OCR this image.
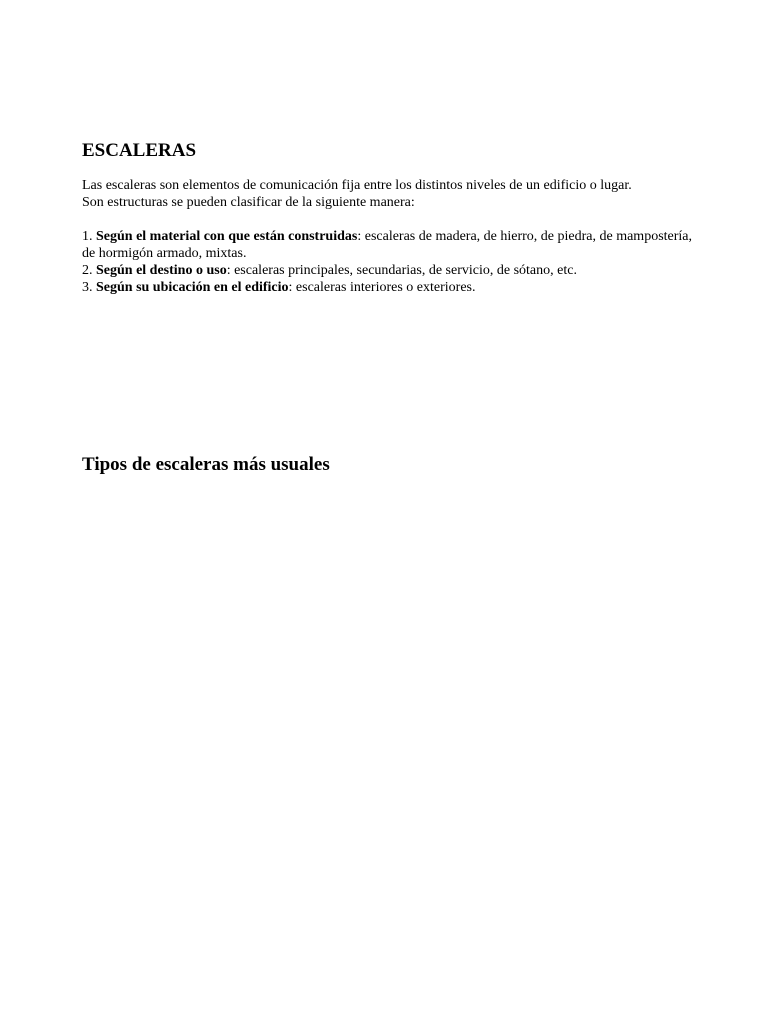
ESCALERAS

Las escaleras son elementos de comunicación fija entre los distintos niveles de un edificio o lugar.
Son estructuras se pueden clasificar de la siguiente manera:

1. Según el material con que están construidas: escaleras de madera, de hierro, de piedra, de mampostería, de hormigón armado, mixtas.
2. Según el destino o uso: escaleras principales, secundarias, de servicio, de sótano, etc.
3. Según su ubicación en el edificio: escaleras interiores o exteriores.
Tipos de escaleras más usuales
